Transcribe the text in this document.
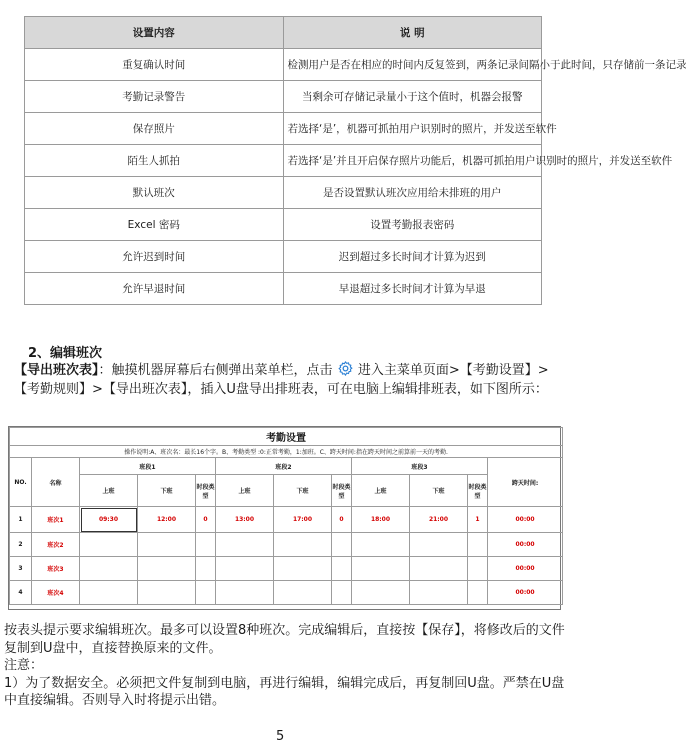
设置内容	说 明
重复确认时间	检测用户是否在相应的时间内反复签到，两条记录间隔小于此时间，只存储前一条记录
考勤记录警告	当剩余可存储记录量小于这个值时，机器会报警
保存照片	若选择‘是’，机器可抓拍用户识别时的照片，并发送至软件
陌生人抓拍	若选择‘是’并且开启保存照片功能后，机器可抓拍用户识别时的照片，并发送至软件
默认班次	是否设置默认班次应用给未排班的用户
Excel 密码	设置考勤报表密码
允许迟到时间	迟到超过多长时间才计算为迟到
允许早退时间	早退超过多长时间才计算为早退
2、编辑班次
【导出班次表】：触摸机器屏幕后右侧弹出菜单栏，点击 进入主菜单页面>【考勤设置】>【考勤规则】>【导出班次表】，插入U盘导出排班表，可在电脑上编辑排班表，如下图所示：
考勤设置											
操作说明:A、班次名：最长16个字。B、考勤类型 :0:正常考勤，1:加班。C、跨天时间:指在跨天时间之前算前一天的考勤.											
NO.	名称	班段1			班段2			班段3			跨天时间:
		上班	下班	时段类型	上班	下班	时段类型	上班	下班	时段类型	
1	班次1	09:30	12:00	0	13:00	17:00	0	18:00	21:00	1	00:00
2	班次2										00:00
3	班次3										00:00
4	班次4										00:00
按表头提示要求编辑班次。最多可以设置8种班次。完成编辑后，直接按【保存】，将修改后的文件复制到U盘中，直接替换原来的文件。
注意：
1）为了数据安全。必须把文件复制到电脑，再进行编辑，编辑完成后，再复制回U盘。严禁在U盘中直接编辑。否则导入时将提示出错。
5
